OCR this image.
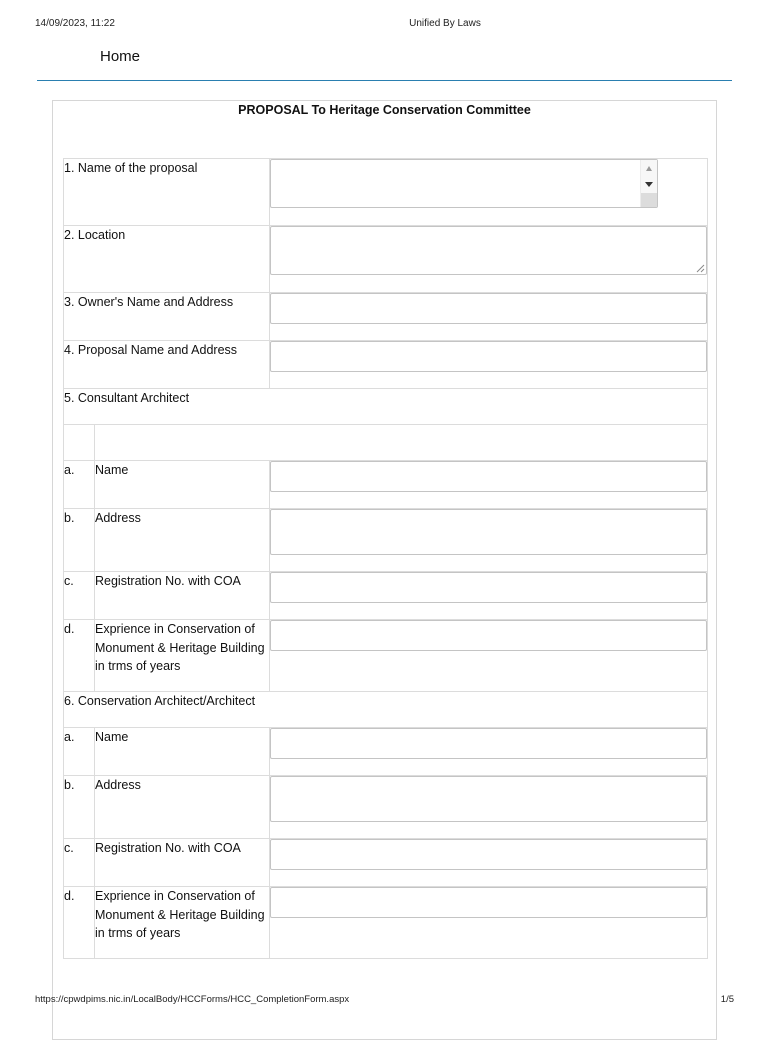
14/09/2023, 11:22	Unified By Laws
Home
PROPOSAL To Heritage Conservation Committee
1. Name of the proposal		

2. Location	

3. Owner's Name and Address		

4. Proposal Name and Address		

5. Consultant Architect		

a.	Name	

b.	Address	

c.	Registration No. with COA	

d.	Exprience in Conservation of Monument & Heritage Building in trms of years	

6. Conservation Architect/Architect		
a.	Name	

b.	Address	

c.	Registration No. with COA	

d.	Exprience in Conservation of Monument & Heritage Building in trms of years	
https://cpwdpims.nic.in/LocalBody/HCCForms/HCC_CompletionForm.aspx	1/5
